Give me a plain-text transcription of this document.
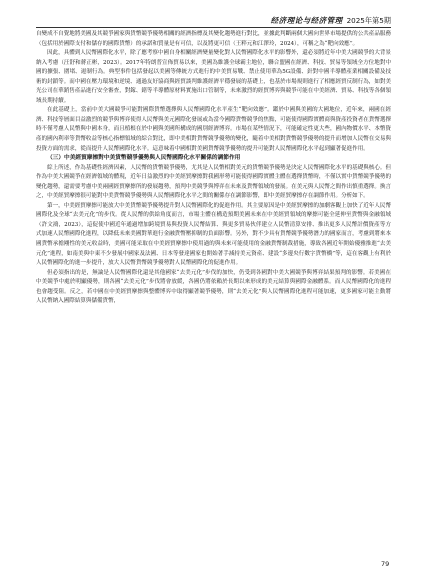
经济理论与经济管理 2025年第5期

自變成不自覺地將美國及其競爭國家與貨幣競爭優勢相關的經濟指標及其變化趨勢進行對比，並據此判斷兩個大國向世界市場提供的公共產品服務（包括用於國際支付和儲存的國際貨幣）的承諾和質量是有可信，以及將更可信（王粹元和江澤玲，2024），可稱之為“靶向效應”。

因此，具體到人民幣國際化水平，除了應考察中國自身相關經濟變量變化對人民幣國際化水平的影響外，還必須將近年中美大國競爭的大背景納入考慮（汪舒和蔣正彬，2023）。2017年特朗普宣佈貿易以來，美國為維護全球霸主地位，聯合盟國在經濟、科技、貿易等領域全方位地對中國的擴張、圍堵、遏制行為。典型事件包括發起以美國等傳統方式進行的中美貿易戰、禁止使用華為5G設備、針對中國半導體產業相關設備及技術的封鎖等。而中國在壓力環境和逆境、通過友好協商與經貿談判維護經濟平穩發展的基礎上，也基於市場規則進行了相應經貿反制行為，如對美光公司在華銷售產品進行安全審查，對鎵、鍺等半導體原材料實施出口管制等，未來激烈的經貿博弈與競爭可能在中美經濟、貿易、科技等各個領域長期持續。

在此基礎上，當前中美大國競爭可能對國際貨幣選擇與人民幣國際化水平產生“靶向效應”。鑑於中國與美國的大國地位，近年來，兩國在經濟、科技等層面目益激烈的競爭與博弈使得人民幣與美元國際化發展或為當今國際貨幣競爭的焦點，可能使得國際實體商與資產投資者在貨幣選擇時不僅考慮人民幣與中國本身，而且植根在於中國與美國所構成的國別經濟博弈。市場在某些情況下，可能確定性更大些，國內物價水平、本幣資產的國內利率等貨幣收益等核心指標領域的綜合對比，即中美相對貨幣競爭優勢的變化，隨着中美相對貨幣競爭優勢的提升而增加人民幣在交易與投資方面的需求，從而提升人民幣國際化水平。這意味着中國相對美國貨幣競爭優勢的提升可能對人民幣國際化水平起到顯著促進作用。

（三）中美經貿摩擦對中美貨幣競爭優勢與人民幣國際化水平關係的調節作用

綜上所述，作為基礎性經濟因素，人民幣的貨幣競爭優勢，尤其是人民幣相對美元的貨幣競爭優勢是決定人民幣國際化水平的基礎與核心。但作為中美大國競爭在經濟領域的體現，近年日益激烈的中美經貿摩擦對我國形勢可能使得國際實體主體在選擇貨幣時，不僅以實中貨幣競爭優勢的變化趨勢，還需要考慮中美兩國經貿摩擦所的發展趨勢，預判中美競爭與博弈在未來及貨幣領域的發展。在美元與人民幣之間作出慎重選擇。換言之，中美經貿摩擦很可能對中美貨幣競爭優勢與人民幣國際化水平之間的關係存在調節影響，即中美經貿摩擦存在調節作用。分析如下。

第一，中美經貿摩擦可能放大中美貨幣競爭優勢提升對人民幣國際化的促進作用。其主要原因是中美經貿摩擦的加劇客觀上加快了近年人民幣國際化及全球“去美元化”的步伐。從人民幣的供給角度而言，市場主體在構造預期美國未來在中美經貿領域的摩擦可能全延伸至貨幣與金融領域（許文鴻，2023），這促使中國近年通過增加跨境貿易與投資人民幣結算、與更多貿易伙伴建立人民幣清算安排、推出更多人民幣計價資產等方式加速人民幣國際化進程，以降低未來美國對華進行金融貨幣壓抑制的負面影響。另外，對不少具有貨幣競爭優勢潛力的國家而言，考慮到將來本國貨幣承擔剛性的美元收益時，美國可能采取在中美經貿摩擦中使用過的與未來可能使用的金融貨幣制裁措施，導致各國近年開始優雅推進“去美元化”進程，如南美與中東不少發展中國家及法國、日本等發達國家也開始著手減持美元資產、建設“多邊央行數字貨幣橋”等，這在客觀上有利於人民幣國際化的進一步提升，放大人民幣貨幣競爭優勢對人民幣國際化的促進作用。

但必須指出的是，無論是人民幣國際化還是其他國家“去美元化”步伐的加快，仍受到各國對中美大國競爭與博弈結果預判的影響。若美國在中美競爭中處於明顯優勢，則各國“去美元化”步伐將會放緩，各國仍將依賴於長期以來形成的美元結算與國際金融體系。而人民幣國際化的進程也會趨受阻。反之，若中國在中美經貿摩擦與整體博弈中取得顯著競爭優勢，則“去美元化”與人民幣國際化進程可能加速，更多國家可能主動將人民幣納入國際結算與儲備貨幣，

79
